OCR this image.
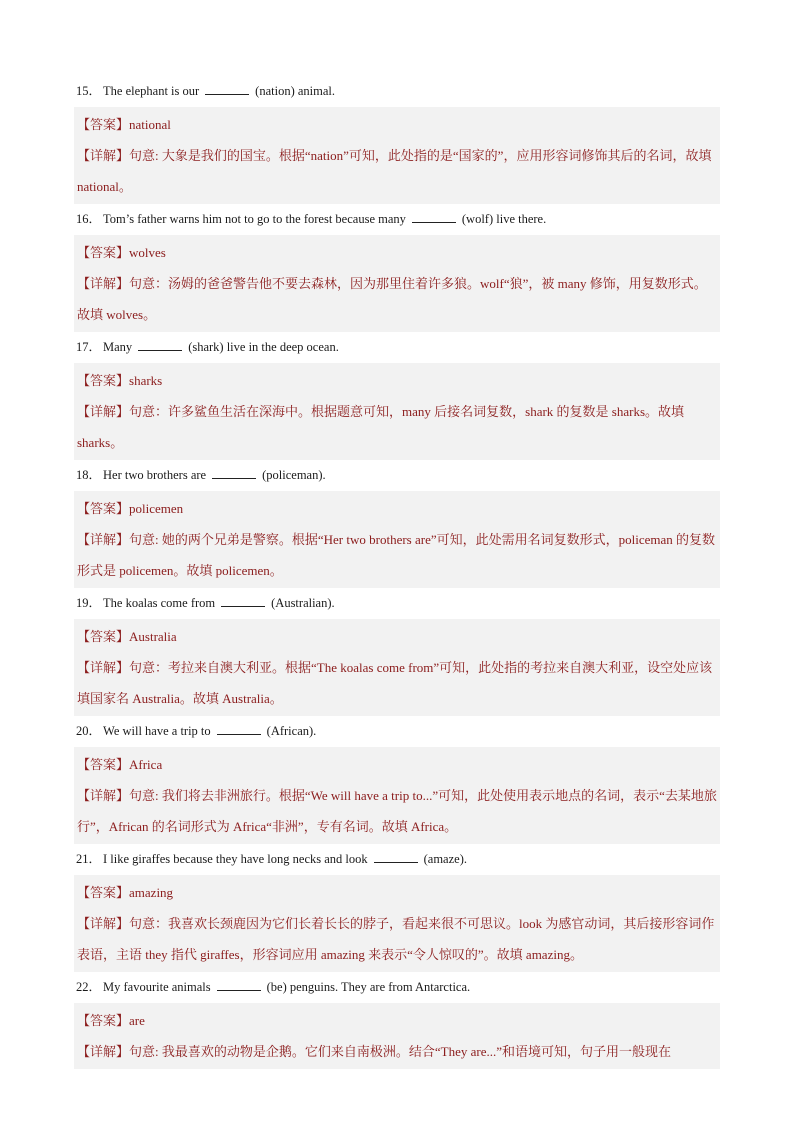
15． The elephant is our	(nation) animal.
【答案】national
【详解】句意: 大象是我们的国宝。根据“nation”可知，此处指的是“国家的”，应用形容词修饰其后的名词，故填 national。
16． Tom’s father warns him not to go to the forest because many	(wolf) live there.
【答案】wolves
【详解】句意：汤姆的爸爸警告他不要去森林，因为那里住着许多狼。wolf“狼”，被 many 修饰，用复数形式。故填 wolves。
17． Many	(shark) live in the deep ocean.
【答案】sharks
【详解】句意：许多鲨鱼生活在深海中。根据题意可知，many 后接名词复数，shark 的复数是 sharks。故填 sharks。
18． Her two brothers are	(policeman).
【答案】policemen
【详解】句意: 她的两个兄弟是警察。根据“Her two brothers are”可知，此处需用名词复数形式，policeman 的复数形式是 policemen。故填 policemen。
19． The koalas come from	(Australian).
【答案】Australia
【详解】句意：考拉来自澳大利亚。根据“The koalas come from”可知，此处指的考拉来自澳大利亚，设空处应该填国家名 Australia。故填 Australia。
20． We will have a trip to	(African).
【答案】Africa
【详解】句意: 我们将去非洲旅行。根据“We will have a trip to...”可知，此处使用表示地点的名词，表示“去某地旅行”，African 的名词形式为 Africa“非洲”，专有名词。故填 Africa。
21． I like giraffes because they have long necks and look	(amaze).
【答案】amazing
【详解】句意：我喜欢长颈鹿因为它们长着长长的脖子，看起来很不可思议。look 为感官动词，其后接形容词作表语，主语 they 指代 giraffes，形容词应用 amazing 来表示“令人惊叹的”。故填 amazing。
22． My favourite animals	(be) penguins. They are from Antarctica.
【答案】are
【详解】句意: 我最喜欢的动物是企鹅。它们来自南极洲。结合“They are...”和语境可知，句子用一般现在
